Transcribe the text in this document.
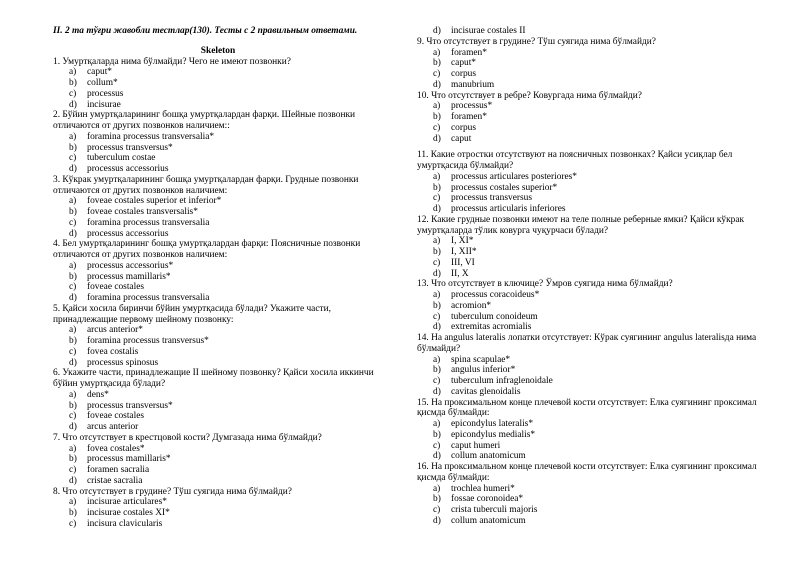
II. 2 та тўғри жавобли тестлар(130). Тесты с 2 правильным ответами.
Skeleton
1. Умуртқаларда нима бўлмайди? Чего не имеют позвонки?
a) caput*
b) collum*
c) processus
d) incisurae
2. Бўйин умуртқаларининг бошқа умуртқалардан фарқи. Шейные позвонки отличаются от других позвонков наличием::
a) foramina processus transversalia*
b) processus transversus*
c) tuberculum costae
d) processus accessorius
3. Кўкрак умуртқаларининг бошқа умуртқалардан фарқи. Грудные позвонки отличаются от других позвонков наличием:
a) foveae costales superior et inferior*
b) foveae costales transversalis*
c) foramina processus transversalia
d) processus accessorius
4. Бел умуртқаларининг бошқа умуртқалардан фарқи: Поясничные позвонки отличаются от других позвонков наличием:
a) processus accessorius*
b) processus mamillaris*
c) foveae costales
d) foramina processus transversalia
5. Қайси хосила биринчи бўйин умуртқасида бўлади? Укажите части, принадлежащие первому шейному позвонку:
a) arcus anterior*
b) foramina processus transversus*
c) fovea costalis
d) processus spinosus
6. Укажите части, принадлежащие II шейному позвонку? Қайси хосила иккинчи бўйин умуртқасида бўлади?
a) dens*
b) processus transversus*
c) foveae costales
d) arcus anterior
7. Что отсутствует в крестцовой кости? Думгазада нима бўлмайди?
a) fovea costales*
b) processus mamillaris*
c) foramen sacralia
d) cristae sacralia
8. Что отсутствует в грудине? Тўш суягида нима бўлмайди?
a) incisurae articulares*
b) incisurae costales XI*
c) incisura clavicularis
d) incisurae costales II
9. Что отсутствует в грудине? Тўш суягида нима бўлмайди?
a) foramen*
b) caput*
c) corpus
d) manubrium
10. Что отсутствует в ребре? Ковургада нима бўлмайди?
a) processus*
b) foramen*
c) corpus
d) caput
11. Какие отростки отсутствуют на поясничных позвонках? Қайси усиқлар бел умуртқасида бўлмайди?
a) processus articulares posteriores*
b) processus costales superior*
c) processus transversus
d) processus articularis inferiores
12. Какие грудные позвонки имеют на теле полные реберные ямки? Қайси кўкрак умуртқаларда тўлик ковурга чуқурчаси бўлади?
a) I, XI*
b) I, XII*
c) III, VI
d) II, X
13. Что отсутствует в ключице? Ўмров суягида нима бўлмайди?
a) processus coracoideus*
b) acromion*
c) tuberculum conoideum
d) extremitas acromialis
14. На angulus lateralis лопатки отсутствует: Кўрак суягининг angulus lateralisда нима бўлмайди?
a) spina scapulae*
b) angulus inferior*
c) tuberculum infraglenoidale
d) cavitas glenoidalis
15. На проксимальном конце плечевой кости отсутствует: Елка суягининг проксимал қисмда бўлмайди:
a) epicondylus lateralis*
b) epicondylus medialis*
c) caput humeri
d) collum anatomicum
16. На проксимальном конце плечевой кости отсутствует: Елка суягининг проксимал қисмда бўлмайди:
a) trochlea humeri*
b) fossae coronoidea*
c) crista tuberculi majoris
d) collum anatomicum
